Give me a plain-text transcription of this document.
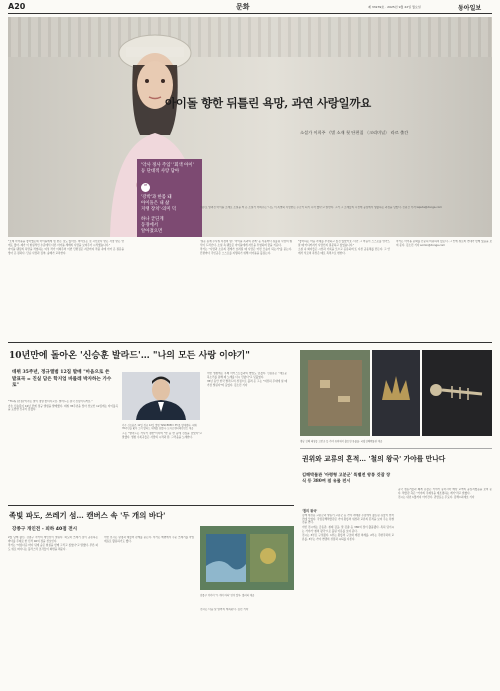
A20	문화	제 33239호 · 2025년 9월 22일 월요일	동아일보
'악사 정사 주입' '회색 아이' 등 단대적 사랑 담아
“
'강박'과 한몸 돼
아이돌은 내 삶
지탱 장치'·의미 덕
하나 굳딘게
동경에서
알아졌으면
아이돌 향한 뒤틀린 욕망, 과연 사랑일까요
소설가 이희주 《별 소재 첫 단편집 〈크리미널〉 라르 출간
배우로 알려진 아이돌 소재로 소설을 써 온 소설가 이희주는 '나도 이 특별히 사랑받는 누군가 되기 시작 했다'고 말한다. 그가 그 소재들의 시선에 공장에서 생활하는 과정을 담았다. 신원건 기자 laputa@donga.com

"오래 아이돌을 좋아했는데 아이돌에게 힘 받은 것도 많아요. 바라보는 것 시선보다 받는 사랑 받는 연애도 많아. 제가 이 현실적인 수준에서 다른 아이돌 세계의 사랑을 보여주기 시작했습니다."

아이돌 팬덤의 욕망을 작업하는 여성 작가 이희주의 이번 단편집은 지금까지 작품 속에 이어 온 질문을 쌓아 온 결과다. 단순 사랑과 집착, 숭배가 교차한다.

'설운 봉재 주사위 자경의 밤', '아이돌 흑과의 관계' 등 작품마다 뒤틀린 사랑의 형식이 드러난다. 소설 속 팬들은 아이돌에게 자신을 투영하며 꿈을 키운다.

작가는 "사랑과 소유의 경계가 흐려질 때 사랑은 어떤 모습이 되는가"를 묻는다. 단편마다 주인공은 스스로를 지탱하기 위해 아이돌을 붙잡는다.

"좋아하는 마음 자체를 부정하고 싶진 않았어요. 다만 그 마음이 스스로를 망가뜨릴 때 어디까지가 사랑인지 질문하고 싶었습니다."

소설 속 화자들은 시선과 기록을 모으고 공유하며 또 다른 공동체를 만든다. 그 안에서 서로의 욕망은 때로 폭력으로 변한다.

작가는 아이돌 문화를 단순히 비판하지 않는다. 그 안에 위로와 연대가 함께 있음을 보여 준다. 김소민 기자 somin@donga.com

10년만에 돌아온 '신승훈 발라드'… "나의 모든 사랑 이야기"
데뷔 35주년, 정규앨범 12집 발매 "마음으로 쓴 발표곡 = 진실 담은 학지업 바를레 박자하는 가수로"
가수 신승훈은 12일 정규 12집 앨범 'SINCERELY 35'를 발매했다. 데뷔 35주년을 맞아 그의 발라드 세계를 담았다. 도어즈엔터테인먼트 제공

"'Truly (진실)'이라는 말이 정말 좋더라고요. 발라드는 결국 진심이니까요."

가수 신승훈이 10년 만에 정규 앨범을 발매했다. 데뷔 35주년을 맞아 선보인 12집에는 타이틀곡을 포함한 신곡이 담겼다.

그는 "발라드는 가사가 절반"이라며 "한 음 한 음에 진심을 담았다"고 말했다. 앨범 수록곡들은 사랑의 시작과 끝, 그리움을 노래한다.

이번 앨범에는 후배 아티스트들과의 협업도 담겼다. 신승훈은 "새로운 목소리를 통해 제 노래를 다시 만났다"고 덧붙였다.

35년 동안 한국 발라드의 상징으로 불려 온 그는 "여전히 무대에 설 때 가장 떨린다"며 웃었다. 김소민 기자

경남 김해 대성동 고분군 등 가야 유적에서 출토된 유물들. 국립김해박물관 제공
권위와 교류의 흔적… '철의 왕국' 가야를 만나다
김해박물관 '아령형 고분군' 특별전 왕릉 갓잡 장식 등 380여 점 유물 전시
'철의 왕국'

김해 대성동 고분군과 양동리 고분군 등 가야 지배층 무덤에서 출토된 유물이 한자리에 모였다. 국립김해박물관은 가야 왕릉의 위상과 교류의 흔적을 보여 주는 특별전을 연다.

이번 전시에는 금동관, 철제 갑옷, 말 갖춤 등 380여 점이 출품됐다. 특히 덩이쇠는 가야가 '철의 왕국'으로 불린 이유를 보여 준다.

전시는 3부로 구성됐다. 1부는 왕릉의 구조와 매장 의례를, 2부는 주변국과의 교류를, 3부는 가야 연맹의 성장과 쇠퇴를 다룬다.

중국 청동거울과 왜계 유물은 가야가 동아시아 해상 교역의 중심지였음을 보여 준다. 박물관 측은 "가야의 국제성을 재조명하는 계기"라고 밝혔다.

전시는 내년 1월까지 이어진다. 관람료는 무료다. 김해=최재호 기자

족빛 파도, 쓰레기 섬… 캔버스 속 '두 개의 바다'
강종구 개인전 - 피하 40점 전시

2월 남해 출신, 강종구 작가의 개인전이 열린다. 파도와 쓰레기 섬이 공존하는 바다를 주제로 한 신작 40여 점을 선보인다.

작가는 "아름다운 바다 뒤에 숨은 현실을 함께 그리고 싶었다"고 말했다. 푸른 파도 위로 떠다니는 플라스틱 조각들이 화면을 채운다.

이번 전시는 환경과 예술의 관계를 묻는다. 작가는 해변에서 주운 쓰레기를 작업 재료로 활용하기도 했다.

강종구 작가의 '두 개의 바다' 연작 일부. 갤러리 제공

전시는 다음 달 말까지 계속된다. 김민 기자
